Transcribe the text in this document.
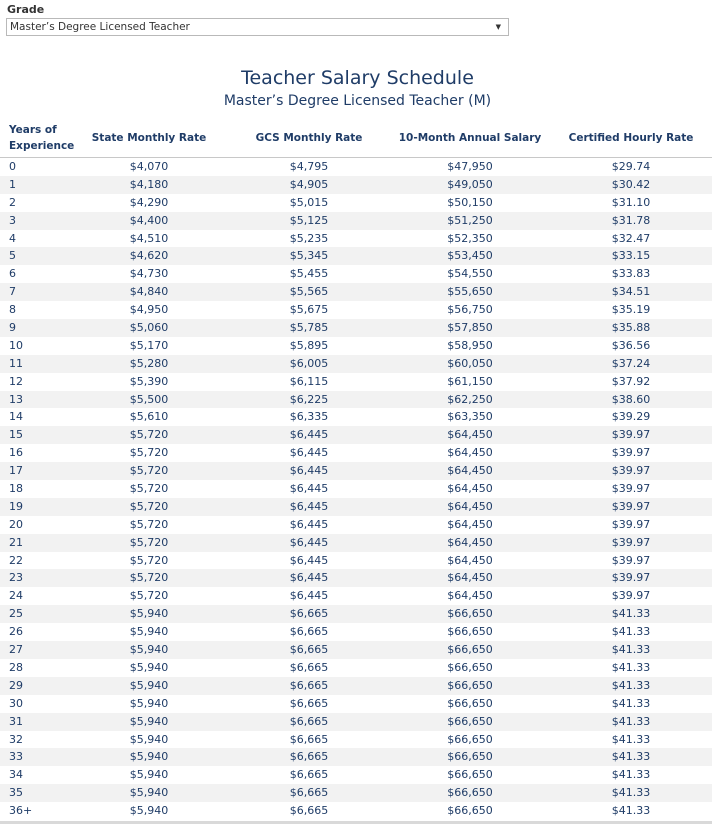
Grade
Master’s Degree Licensed Teacher	▼
Teacher Salary Schedule
Master’s Degree Licensed Teacher (M)
Years of
Experience
State Monthly Rate	GCS Monthly Rate	10-Month Annual Salary	Certified Hourly Rate
0	$4,070	$4,795	$47,950	$29.74
1	$4,180	$4,905	$49,050	$30.42
2	$4,290	$5,015	$50,150	$31.10
3	$4,400	$5,125	$51,250	$31.78
4	$4,510	$5,235	$52,350	$32.47
5	$4,620	$5,345	$53,450	$33.15
6	$4,730	$5,455	$54,550	$33.83
7	$4,840	$5,565	$55,650	$34.51
8	$4,950	$5,675	$56,750	$35.19
9	$5,060	$5,785	$57,850	$35.88
10	$5,170	$5,895	$58,950	$36.56
11	$5,280	$6,005	$60,050	$37.24
12	$5,390	$6,115	$61,150	$37.92
13	$5,500	$6,225	$62,250	$38.60
14	$5,610	$6,335	$63,350	$39.29
15	$5,720	$6,445	$64,450	$39.97
16	$5,720	$6,445	$64,450	$39.97
17	$5,720	$6,445	$64,450	$39.97
18	$5,720	$6,445	$64,450	$39.97
19	$5,720	$6,445	$64,450	$39.97
20	$5,720	$6,445	$64,450	$39.97
21	$5,720	$6,445	$64,450	$39.97
22	$5,720	$6,445	$64,450	$39.97
23	$5,720	$6,445	$64,450	$39.97
24	$5,720	$6,445	$64,450	$39.97
25	$5,940	$6,665	$66,650	$41.33
26	$5,940	$6,665	$66,650	$41.33
27	$5,940	$6,665	$66,650	$41.33
28	$5,940	$6,665	$66,650	$41.33
29	$5,940	$6,665	$66,650	$41.33
30	$5,940	$6,665	$66,650	$41.33
31	$5,940	$6,665	$66,650	$41.33
32	$5,940	$6,665	$66,650	$41.33
33	$5,940	$6,665	$66,650	$41.33
34	$5,940	$6,665	$66,650	$41.33
35	$5,940	$6,665	$66,650	$41.33
36+	$5,940	$6,665	$66,650	$41.33
